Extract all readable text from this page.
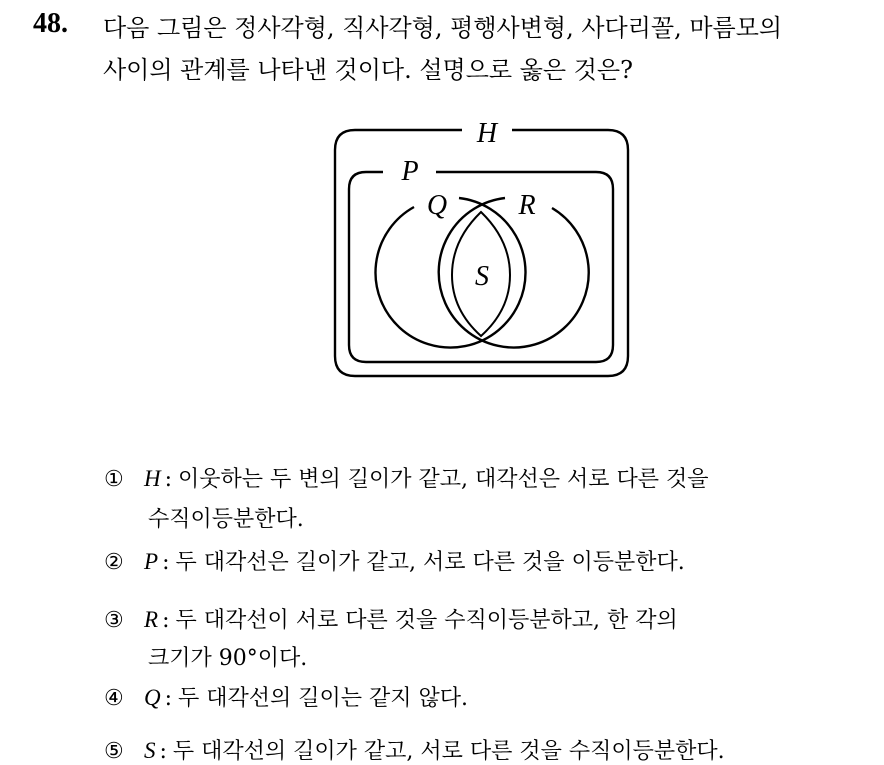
48. 다음 그림은 정사각형, 직사각형, 평행사변형, 사다리꼴, 마름모의
사이의 관계를 나타낸 것이다. 설명으로 옳은 것은?
H
P
Q	R
S
① H : 이웃하는 두 변의 길이가 같고, 대각선은 서로 다른 것을
수직이등분한다.
② P : 두 대각선은 길이가 같고, 서로 다른 것을 이등분한다.
③ R : 두 대각선이 서로 다른 것을 수직이등분하고, 한 각의
크기가 90°이다.
④ Q : 두 대각선의 길이는 같지 않다.
⑤ S : 두 대각선의 길이가 같고, 서로 다른 것을 수직이등분한다.
